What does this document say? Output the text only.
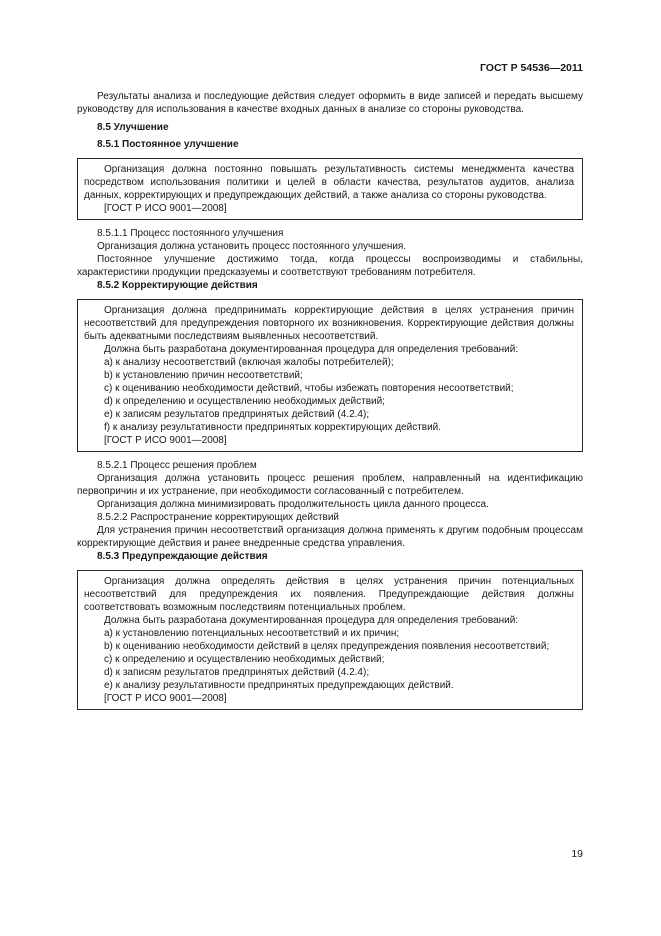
ГОСТ Р 54536—2011

Результаты анализа и последующие действия следует оформить в виде записей и передать высшему руководству для использования в качестве входных данных в анализе со стороны руководства.

8.5 Улучшение

8.5.1 Постоянное улучшение

Организация должна постоянно повышать результативность системы менеджмента качества посредством использования политики и целей в области качества, результатов аудитов, анализа данных, корректирующих и предупреждающих действий, а также анализа со стороны руководства.

[ГОСТ Р ИСО 9001—2008]

8.5.1.1 Процесс постоянного улучшения

Организация должна установить процесс постоянного улучшения.

Постоянное улучшение достижимо тогда, когда процессы воспроизводимы и стабильны, характеристики продукции предсказуемы и соответствуют требованиям потребителя.

8.5.2 Корректирующие действия

Организация должна предпринимать корректирующие действия в целях устранения причин несоответствий для предупреждения повторного их возникновения. Корректирующие действия должны быть адекватными последствиям выявленных несоответствий.

Должна быть разработана документированная процедура для определения требований:

a) к анализу несоответствий (включая жалобы потребителей);

b) к установлению причин несоответствий;

c) к оцениванию необходимости действий, чтобы избежать повторения несоответствий;

d) к определению и осуществлению необходимых действий;

e) к записям результатов предпринятых действий (4.2.4);

f) к анализу результативности предпринятых корректирующих действий.

[ГОСТ Р ИСО 9001—2008]

8.5.2.1 Процесс решения проблем

Организация должна установить процесс решения проблем, направленный на идентификацию первопричин и их устранение, при необходимости согласованный с потребителем.

Организация должна минимизировать продолжительность цикла данного процесса.

8.5.2.2 Распространение корректирующих действий

Для устранения причин несоответствий организация должна применять к другим подобным процессам корректирующие действия и ранее внедренные средства управления.

8.5.3 Предупреждающие действия

Организация должна определять действия в целях устранения причин потенциальных несоответствий для предупреждения их появления. Предупреждающие действия должны соответствовать возможным последствиям потенциальных проблем.

Должна быть разработана документированная процедура для определения требований:

a) к установлению потенциальных несоответствий и их причин;

b) к оцениванию необходимости действий в целях предупреждения появления несоответствий;

c) к определению и осуществлению необходимых действий;

d) к записям результатов предпринятых действий (4.2.4);

e) к анализу результативности предпринятых предупреждающих действий.

[ГОСТ Р ИСО 9001—2008]

19
